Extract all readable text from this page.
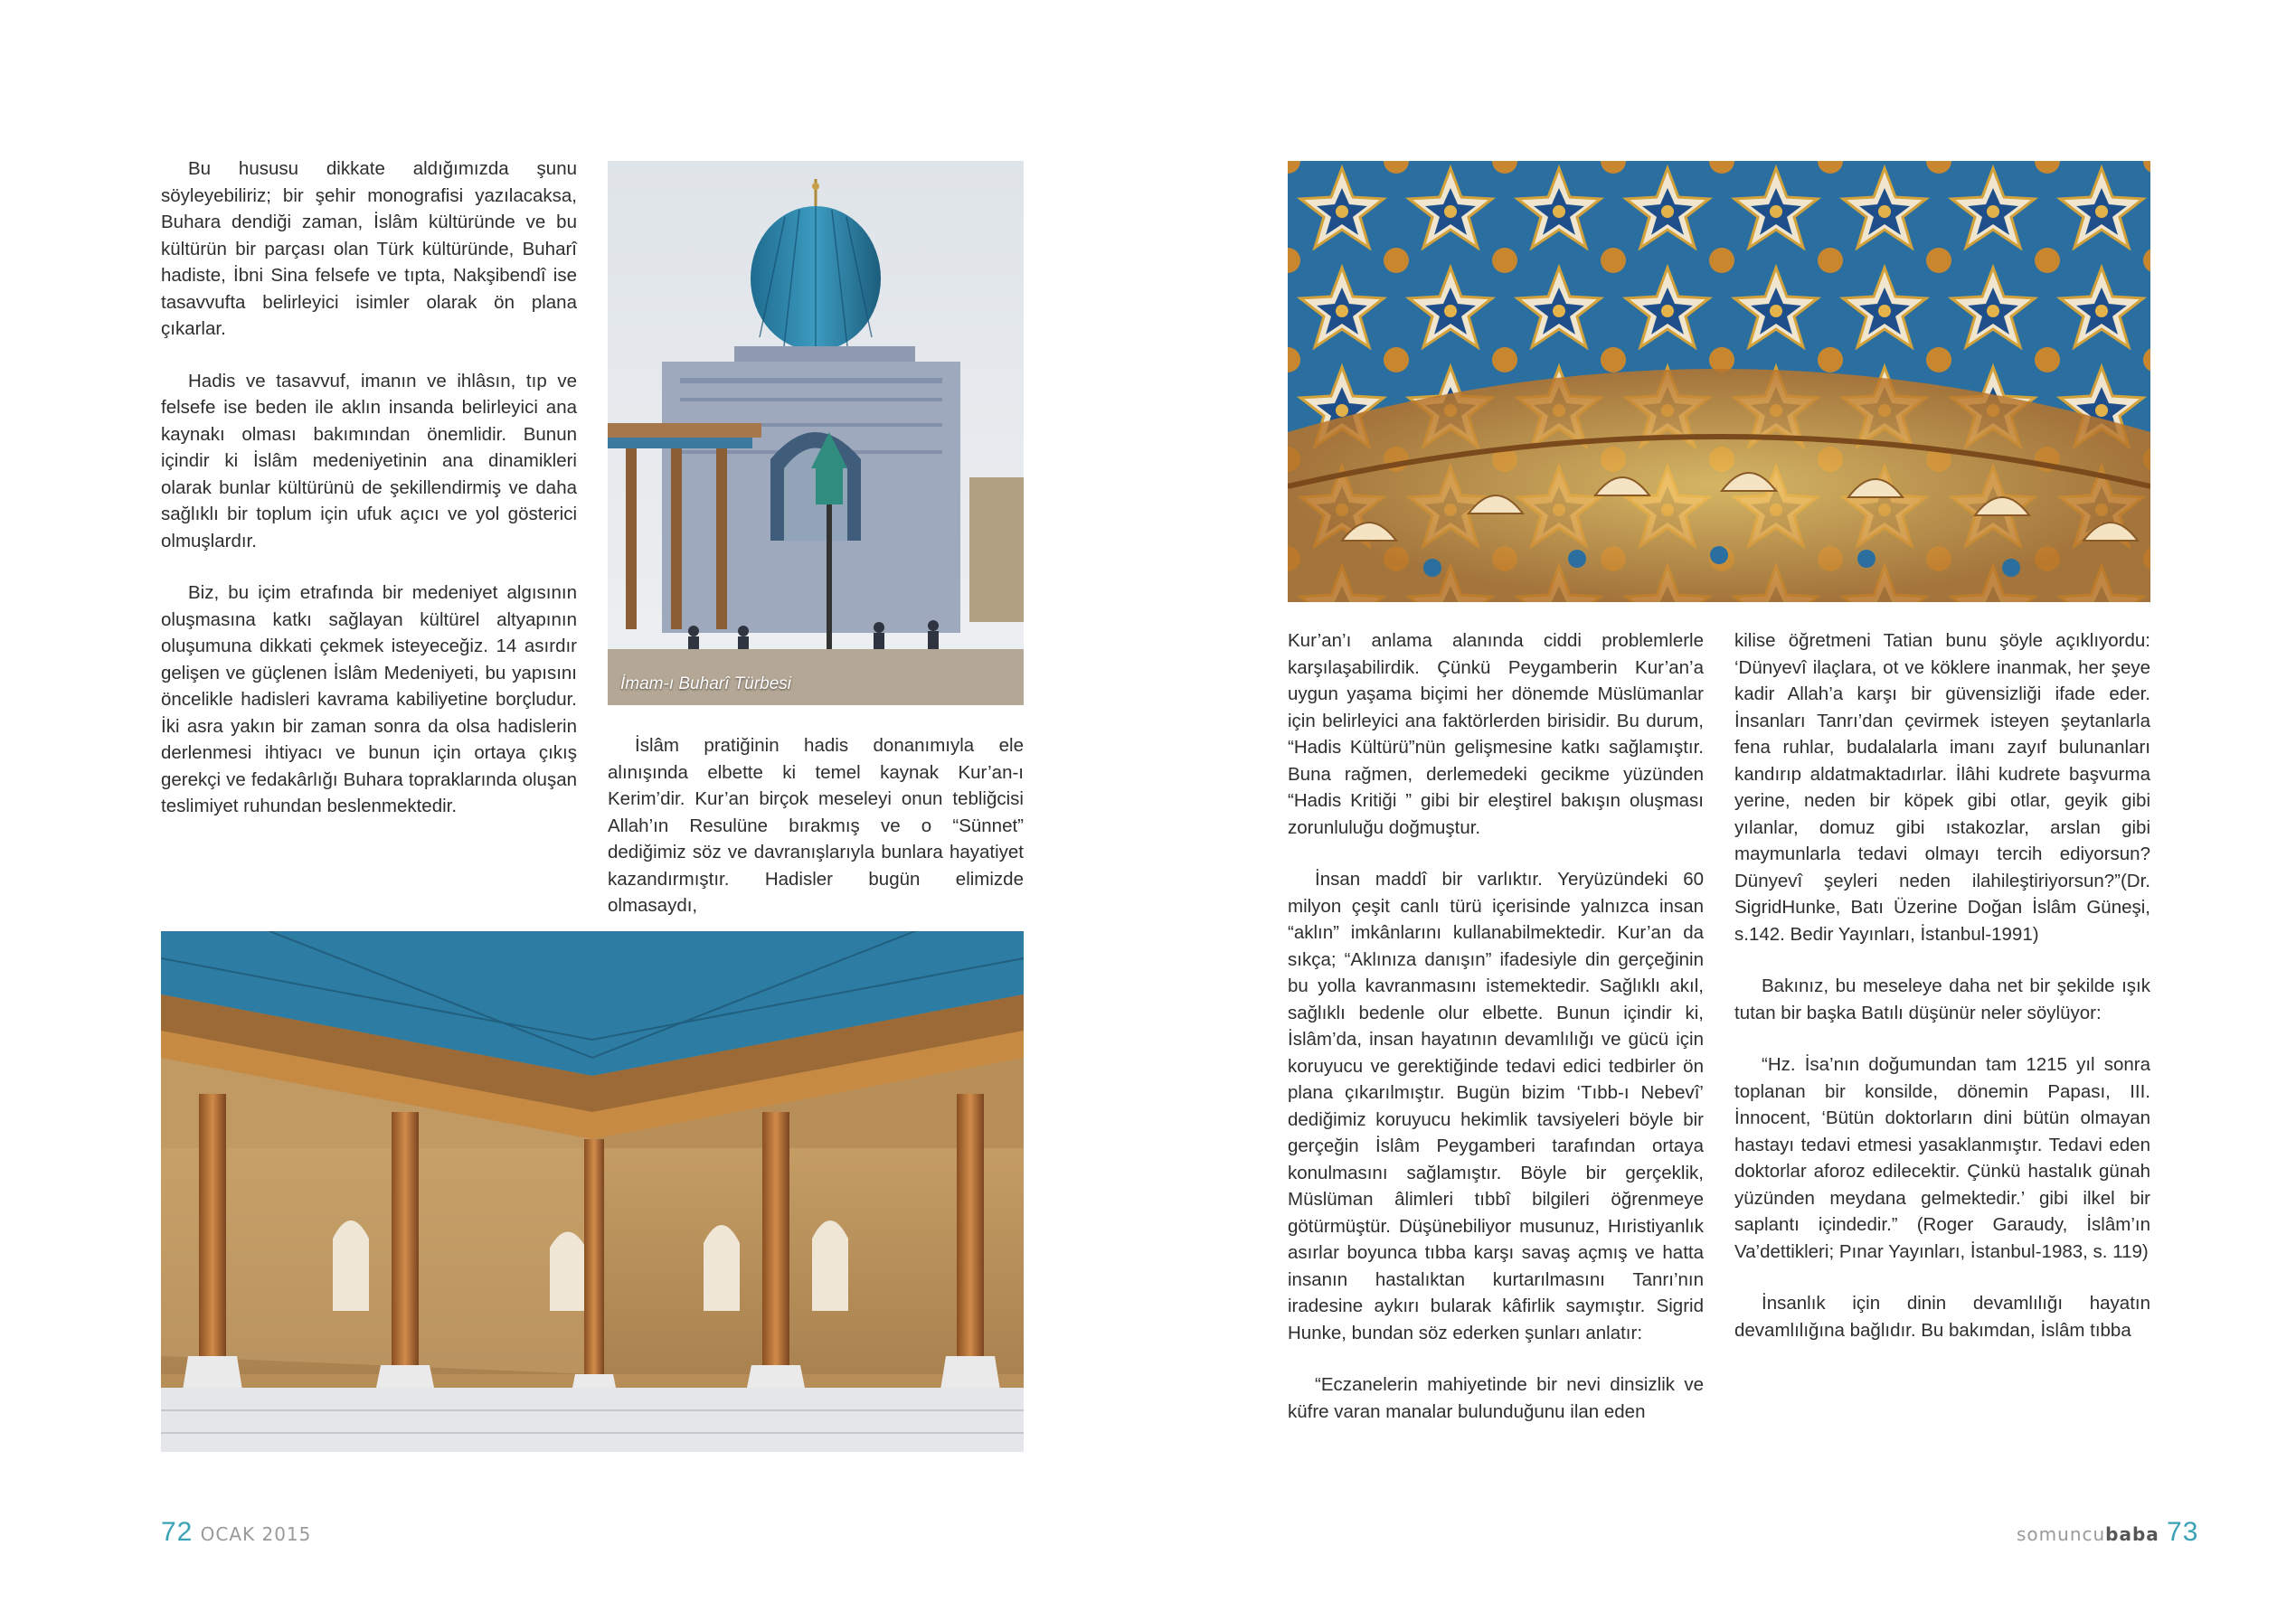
Bu hususu dikkate aldığımızda şunu söyleyebiliriz; bir şehir monografisi yazılacaksa, Buhara dendiği zaman, İslâm kültüründe ve bu kültürün bir parçası olan Türk kültüründe, Buharî hadiste, İbni Sina felsefe ve tıpta, Nakşibendî ise tasavvufta belirleyici isimler olarak ön plana çıkarlar.

Hadis ve tasavvuf, imanın ve ihlâsın, tıp ve felsefe ise beden ile aklın insanda belirleyici ana kaynakı olması bakımından önemlidir. Bunun içindir ki İslâm medeniyetinin ana dinamikleri olarak bunlar kültürünü de şekillendirmiş ve daha sağlıklı bir toplum için ufuk açıcı ve yol gösterici olmuşlardır.

Biz, bu içim etrafında bir medeniyet algısının oluşmasına katkı sağlayan kültürel altyapının oluşumuna dikkati çekmek isteyeceğiz. 14 asırdır gelişen ve güçlenen İslâm Medeniyeti, bu yapısını öncelikle hadisleri kavrama kabiliyetine borçludur. İki asra yakın bir zaman sonra da olsa hadislerin derlenmesi ihtiyacı ve bunun için ortaya çıkış gerekçi ve fedakârlığı Buhara topraklarında oluşan teslimiyet ruhundan beslenmektedir.

İmam-ı Buharî Türbesi

İslâm pratiğinin hadis donanımıyla ele alınışında elbette ki temel kaynak Kur’an-ı Kerim’dir. Kur’an birçok meseleyi onun tebliğcisi Allah’ın Resulüne bırakmış ve o “Sünnet” dediğimiz söz ve davranışlarıyla bunlara hayatiyet kazandırmıştır. Hadisler bugün elimizde olmasaydı,

72 OCAK 2015

Kur’an’ı anlama alanında ciddi problemlerle karşılaşabilirdik. Çünkü Peygamberin Kur’an’a uygun yaşama biçimi her dönemde Müslümanlar için belirleyici ana faktörlerden birisidir. Bu durum, “Hadis Kültürü”nün gelişmesine katkı sağlamıştır. Buna rağmen, derlemedeki gecikme yüzünden “Hadis Kritiği ” gibi bir eleştirel bakışın oluşması zorunluluğu doğmuştur.

İnsan maddî bir varlıktır. Yeryüzündeki 60 milyon çeşit canlı türü içerisinde yalnızca insan “aklın” imkânlarını kullanabilmektedir. Kur’an da sıkça; “Aklınıza danışın” ifadesiyle din gerçeğinin bu yolla kavranmasını istemektedir. Sağlıklı akıl, sağlıklı bedenle olur elbette. Bunun içindir ki, İslâm’da, insan hayatının devamlılığı ve gücü için koruyucu ve gerektiğinde tedavi edici tedbirler ön plana çıkarılmıştır. Bugün bizim ‘Tıbb-ı Nebevî’ dediğimiz koruyucu hekimlik tavsiyeleri böyle bir gerçeğin İslâm Peygamberi tarafından ortaya konulmasını sağlamıştır. Böyle bir gerçeklik, Müslüman âlimleri tıbbî bilgileri öğrenmeye götürmüştür. Düşünebiliyor musunuz, Hıristiyanlık asırlar boyunca tıbba karşı savaş açmış ve hatta insanın hastalıktan kurtarılmasını Tanrı’nın iradesine aykırı bularak kâfirlik saymıştır. Sigrid Hunke, bundan söz ederken şunları anlatır:

“Eczanelerin mahiyetinde bir nevi dinsizlik ve küfre varan manalar bulunduğunu ilan eden

kilise öğretmeni Tatian bunu şöyle açıklıyordu: ‘Dünyevî ilaçlara, ot ve köklere inanmak, her şeye kadir Allah’a karşı bir güvensizliği ifade eder. İnsanları Tanrı’dan çevirmek isteyen şeytanlarla fena ruhlar, budalalarla imanı zayıf bulunanları kandırıp aldatmaktadırlar. İlâhi kudrete başvurma yerine, neden bir köpek gibi otlar, geyik gibi yılanlar, domuz gibi ıstakozlar, arslan gibi maymunlarla tedavi olmayı tercih ediyorsun? Dünyevî şeyleri neden ilahileştiriyorsun?”(Dr. SigridHunke, Batı Üzerine Doğan İslâm Güneşi, s.142. Bedir Yayınları, İstanbul-1991)

Bakınız, bu meseleye daha net bir şekilde ışık tutan bir başka Batılı düşünür neler söylüyor:

“Hz. İsa’nın doğumundan tam 1215 yıl sonra toplanan bir konsilde, dönemin Papası, III. İnnocent, ‘Bütün doktorların dini bütün olmayan hastayı tedavi etmesi yasaklanmıştır. Tedavi eden doktorlar aforoz edilecektir. Çünkü hastalık günah yüzünden meydana gelmektedir.’ gibi ilkel bir saplantı içindedir.” (Roger Garaudy, İslâm’ın Va’dettikleri; Pınar Yayınları, İstanbul-1983, s. 119)

İnsanlık için dinin devamlılığı hayatın devamlılığına bağlıdır. Bu bakımdan, İslâm tıbba

somuncubaba 73
